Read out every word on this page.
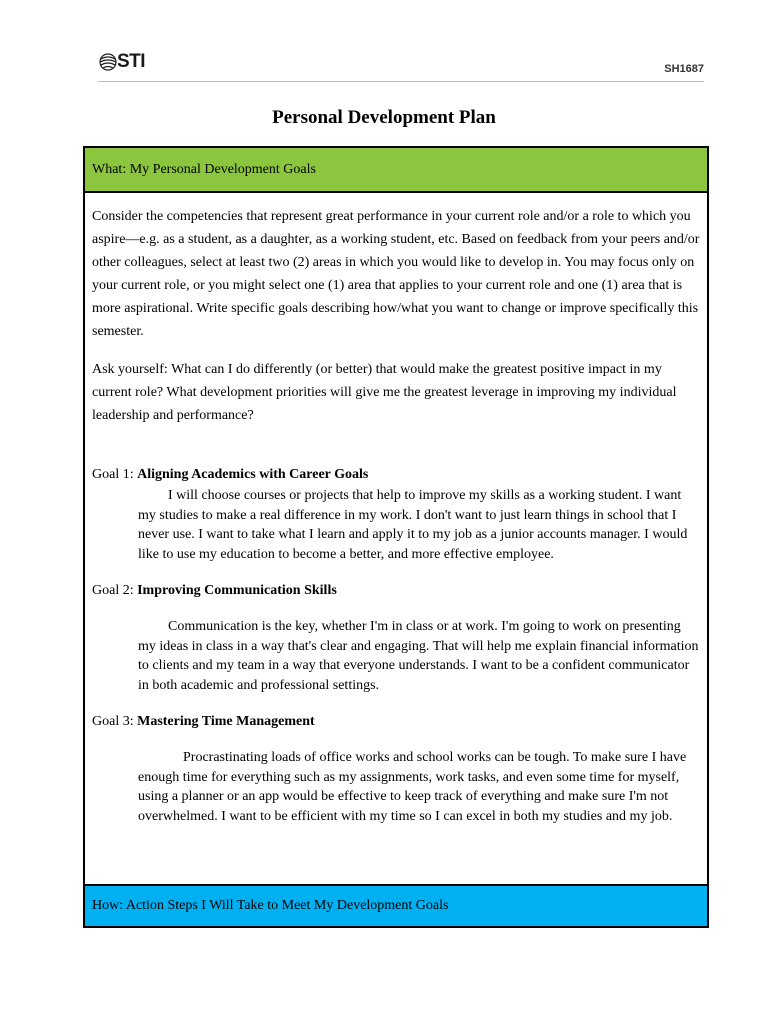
STI	SH1687
Personal Development Plan
What: My Personal Development Goals

Consider the competencies that represent great performance in your current role and/or a role to which you aspire—e.g. as a student, as a daughter, as a working student, etc. Based on feedback from your peers and/or other colleagues, select at least two (2) areas in which you would like to develop in. You may focus only on your current role, or you might select one (1) area that applies to your current role and one (1) area that is more aspirational. Write specific goals describing how/what you want to change or improve specifically this semester.

Ask yourself: What can I do differently (or better) that would make the greatest positive impact in my current role? What development priorities will give me the greatest leverage in improving my individual leadership and performance?

Goal 1: Aligning Academics with Career Goals

I will choose courses or projects that help to improve my skills as a working student. I want my studies to make a real difference in my work. I don't want to just learn things in school that I never use. I want to take what I learn and apply it to my job as a junior accounts manager. I would like to use my education to become a better, and more effective employee.

Goal 2: Improving Communication Skills

Communication is the key, whether I'm in class or at work. I'm going to work on presenting my ideas in class in a way that's clear and engaging. That will help me explain financial information to clients and my team in a way that everyone understands. I want to be a confident communicator in both academic and professional settings.

Goal 3: Mastering Time Management

Procrastinating loads of office works and school works can be tough. To make sure I have enough time for everything such as my assignments, work tasks, and even some time for myself, using a planner or an app would be effective to keep track of everything and make sure I'm not overwhelmed. I want to be efficient with my time so I can excel in both my studies and my job.

How: Action Steps I Will Take to Meet My Development Goals
